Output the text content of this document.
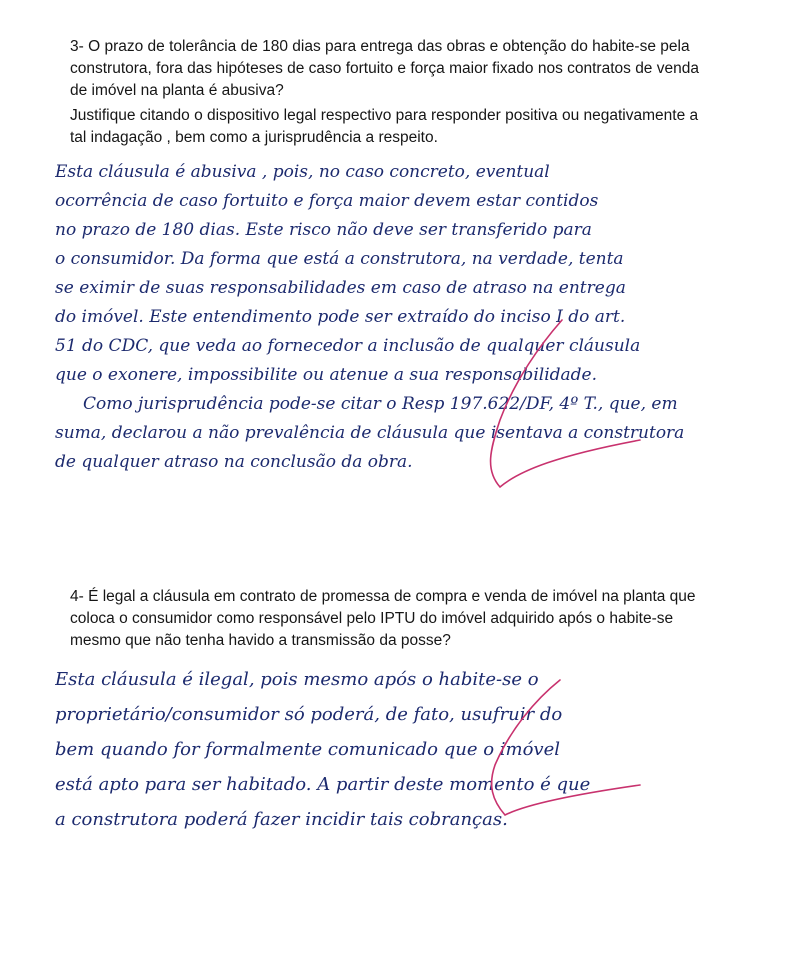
3- O prazo de tolerância de 180 dias para entrega das obras e obtenção do habite-se pela construtora, fora das hipóteses de caso fortuito e força maior fixado nos contratos de venda de imóvel na planta é abusiva?

Justifique citando o dispositivo legal respectivo para responder positiva ou negativamente a tal indagação , bem como a jurisprudência a respeito.

Esta cláusula é abusiva , pois, no caso concreto, eventual
ocorrência de caso fortuito e força maior devem estar contidos
no prazo de 180 dias. Este risco não deve ser transferido para
o consumidor. Da forma que está a construtora, na verdade, tenta
se eximir de suas responsabilidades em caso de atraso na entrega
do imóvel. Este entendimento pode ser extraído do inciso I do art.
51 do CDC, que veda ao fornecedor a inclusão de qualquer cláusula
que o exonere, impossibilite ou atenue a sua responsabilidade.
Como jurisprudência pode-se citar o Resp 197.622/DF, 4º T., que, em
suma, declarou a não prevalência de cláusula que isentava a construtora
de qualquer atraso na conclusão da obra.

4- É legal a cláusula em contrato de promessa de compra e venda de imóvel na planta que coloca o consumidor como responsável pelo IPTU do imóvel adquirido após o habite-se mesmo que não tenha havido a transmissão da posse?

Esta cláusula é ilegal, pois mesmo após o habite-se o
proprietário/consumidor só poderá, de fato, usufruir do
bem quando for formalmente comunicado que o imóvel
está apto para ser habitado. A partir deste momento é que
a construtora poderá fazer incidir tais cobranças.
